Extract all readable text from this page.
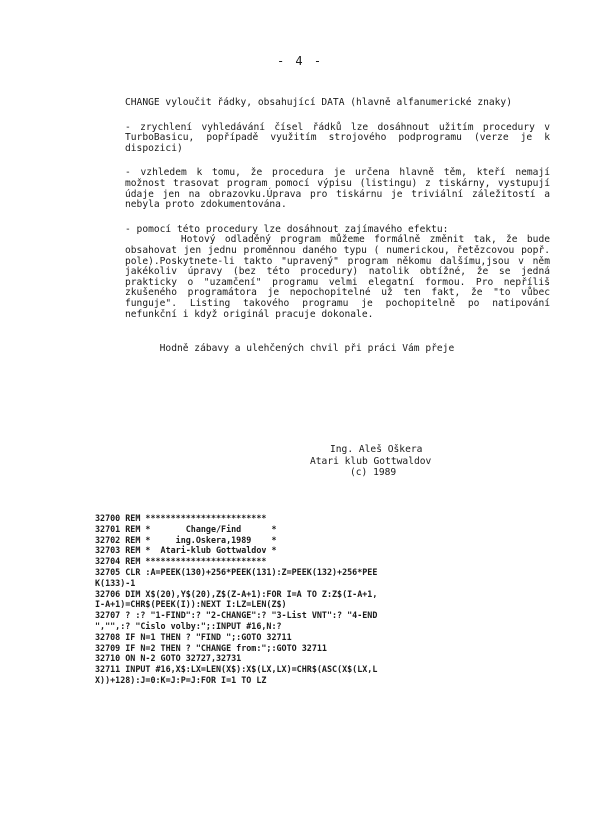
- 4 -

CHANGE vyloučit řádky, obsahující DATA (hlavně alfanumerické znaky)

- zrychlení vyhledávání čísel řádků lze dosáhnout užitím procedury v TurboBasicu, popřípadě využitím strojového podprogramu (verze je k dispozici)

- vzhledem k tomu, že procedura je určena hlavně těm, kteří nemají možnost trasovat program pomocí výpisu (listingu) z tiskárny, vystupují údaje jen na obrazovku.Úprava pro tiskárnu je triviální záležitostí a nebyla proto zdokumentována.

- pomocí této procedury lze dosáhnout zajímavého efektu:

Hotový odladěný program můžeme formálně změnit tak, že bude obsahovat jen jednu proměnnou daného typu ( numerickou, řetězcovou popř. pole).Poskytnete-li takto "upravený" program někomu dalšímu,jsou v něm jakékoliv úpravy (bez této procedury) natolik obtížné, že se jedná prakticky o "uzamčení" programu velmi elegatní formou. Pro nepříliš zkušeného programátora je nepochopitelné už ten fakt, že "to vůbec funguje". Listing takového programu je pochopitelně po natipování nefunkční i když originál pracuje dokonale.

Hodně zábavy a ulehčených chvil při práci Vám přeje

Ing. Aleš Oškera
Atari klub Gottwaldov
(c) 1989
32700 REM ************************
32701 REM *       Change/Find      *
32702 REM *     ing.Oskera,1989    *
32703 REM *  Atari-klub Gottwaldov *
32704 REM ************************
32705 CLR :A=PEEK(130)+256*PEEK(131):Z=PEEK(132)+256*PEE
K(133)-1
32706 DIM X$(20),Y$(20),Z$(Z-A+1):FOR I=A TO Z:Z$(I-A+1,
I-A+1)=CHR$(PEEK(I)):NEXT I:LZ=LEN(Z$)
32707 ? :? "1-FIND":? "2-CHANGE":? "3-List VNT":? "4-END
","",:? "Cislo volby:";:INPUT #16,N:?
32708 IF N=1 THEN ? "FIND ";:GOTO 32711
32709 IF N=2 THEN ? "CHANGE from:";:GOTO 32711
32710 ON N-2 GOTO 32727,32731
32711 INPUT #16,X$:LX=LEN(X$):X$(LX,LX)=CHR$(ASC(X$(LX,L
X))+128):J=0:K=J:P=J:FOR I=1 TO LZ
